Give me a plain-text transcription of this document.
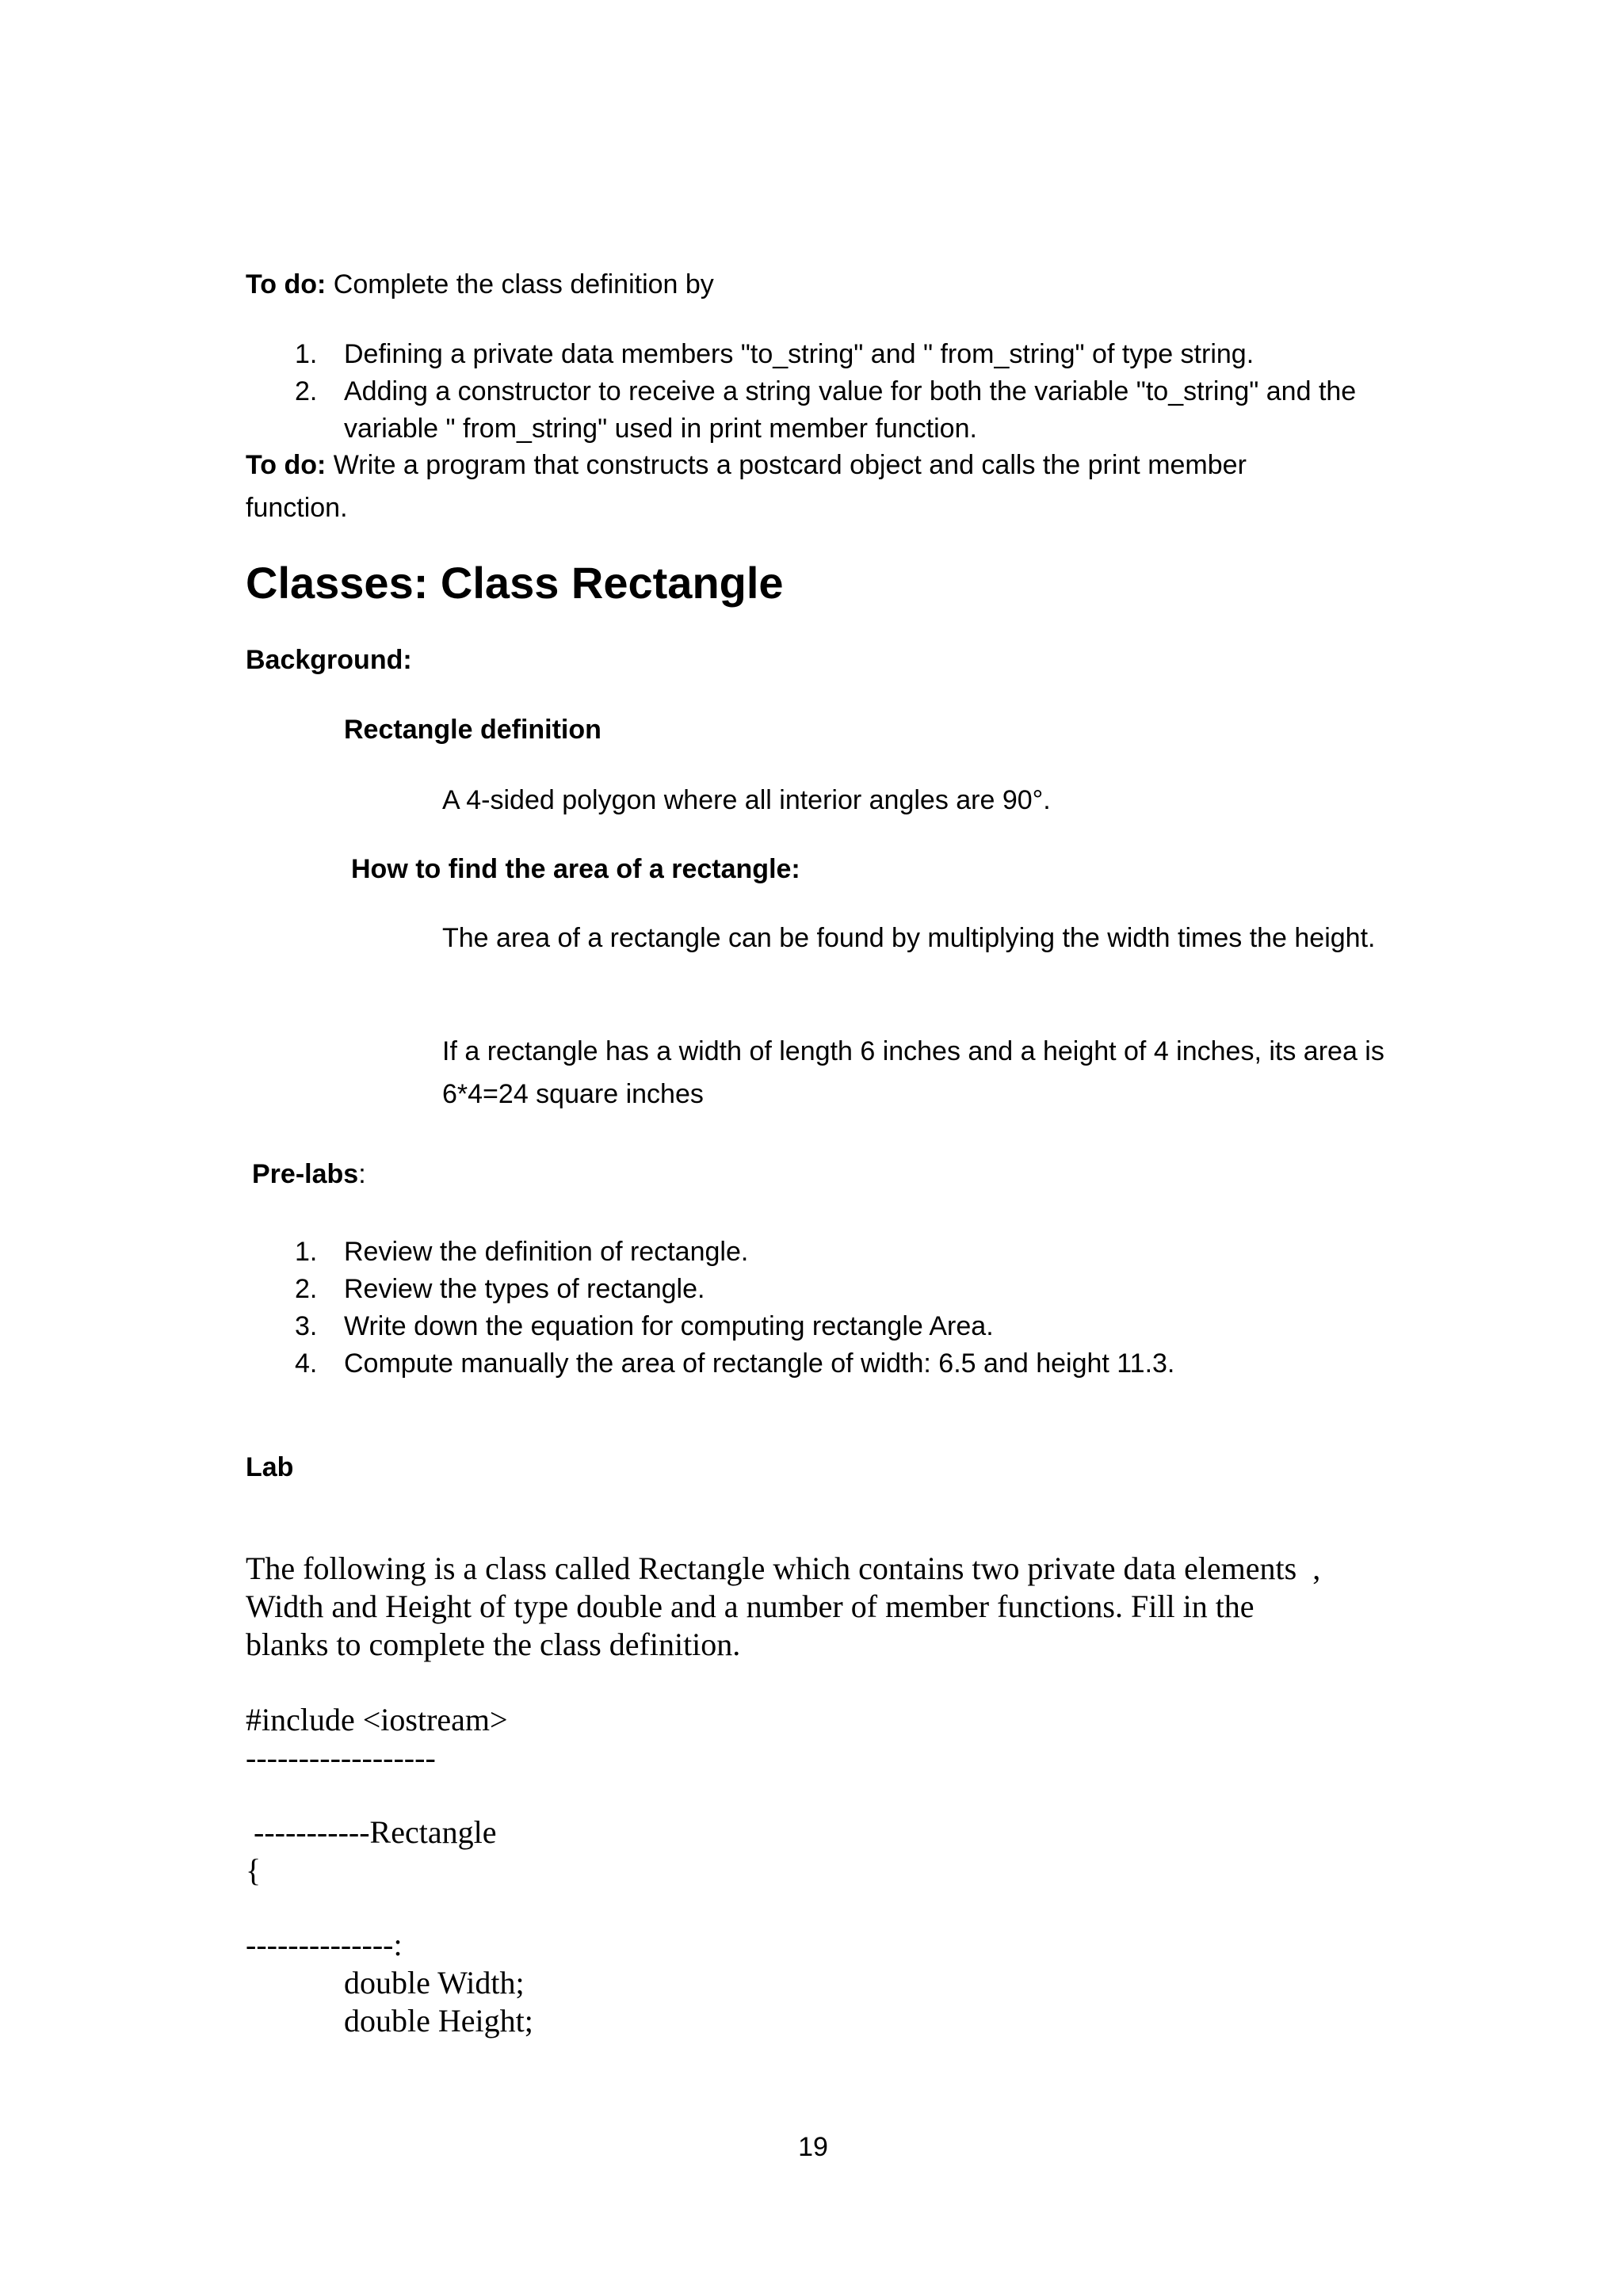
To do: Complete the class definition by

1. Defining a private data members "to_string" and " from_string" of type string.
2. Adding a constructor to receive a string value for both the variable "to_string" and the variable " from_string" used in print member function.

To do: Write a program that constructs a postcard object and calls the print member function.

Classes: Class Rectangle

Background:

Rectangle definition

A 4-sided polygon where all interior angles are 90°.

How to find the area of a rectangle:

The area of a rectangle can be found by multiplying the width times the height.

If a rectangle has a width of length 6 inches and a height of 4 inches, its area is 6*4=24 square inches

Pre-labs:

1. Review the definition of rectangle.
2. Review the types of rectangle.
3. Write down the equation for computing rectangle Area.
4. Compute manually the area of rectangle of width: 6.5 and height 11.3.

Lab

The following is a class called Rectangle which contains two private data elements  ,

Width and Height of type double and a number of member functions. Fill in the

blanks to complete the class definition.

#include <iostream>
------------------
-----------Rectangle
{
--------------:
double Width;
double Height;
19
